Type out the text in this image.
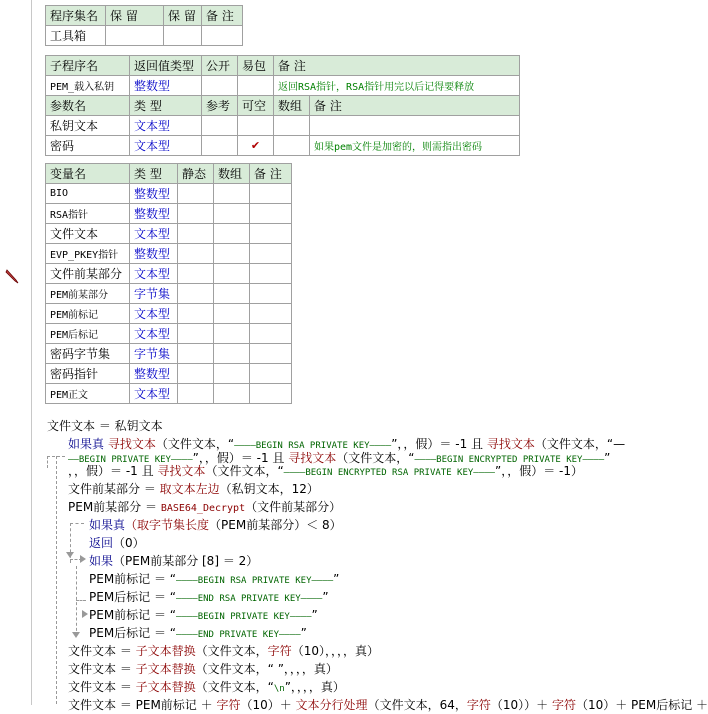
程序集名	保 留	保 留	备 注
工具箱			
子程序名	返回值类型	公开	易包	备 注	
PEM_载入私钥	整数型			返回RSA指针，RSA指针用完以后记得要释放	
参数名	类 型	参考	可空	数组	备 注
私钥文本	文本型				
密码	文本型		✔		如果pem文件是加密的，则需指出密码
变量名	类 型	静态	数组	备 注
BIO	整数型			
RSA指针	整数型			
文件文本	文本型			
EVP_PKEY指针	整数型			
文件前某部分	文本型			
PEM前某部分	字节集			
PEM前标记	文本型			
PEM后标记	文本型			
密码字节集	字节集			
密码指针	整数型			
PEM正文	文本型			
文件文本 ＝ 私钥文本
如果真 寻找文本（文件文本，“————BEGIN RSA PRIVATE KEY————”，，假）＝ -1 且 寻找文本（文件文本，“—
——BEGIN PRIVATE KEY————”，，假）＝ -1 且 寻找文本（文件文本，“————BEGIN ENCRYPTED PRIVATE KEY————”
，，假）＝ -1 且 寻找文本（文件文本，“————BEGIN ENCRYPTED RSA PRIVATE KEY————”，，假）＝ -1）
文件前某部分 ＝ 取文本左边（私钥文本，12）
PEM前某部分 ＝ BASE64_Decrypt（文件前某部分）
如果真（取字节集长度（PEM前某部分）＜ 8）
返回（0）
如果（PEM前某部分 [8] ＝ 2）
PEM前标记 ＝ “————BEGIN RSA PRIVATE KEY————”
PEM后标记 ＝ “————END RSA PRIVATE KEY————”
PEM前标记 ＝ “————BEGIN PRIVATE KEY————”
PEM后标记 ＝ “————END PRIVATE KEY————”
文件文本 ＝ 子文本替换（文件文本，字符（10），，，，真）
文件文本 ＝ 子文本替换（文件文本，“ ”，，，，真）
文件文本 ＝ 子文本替换（文件文本，“\n”，，，，真）
文件文本 ＝ PEM前标记 ＋ 字符（10）＋ 文本分行处理（文件文本，64，字符（10））＋ 字符（10）＋ PEM后标记 ＋
